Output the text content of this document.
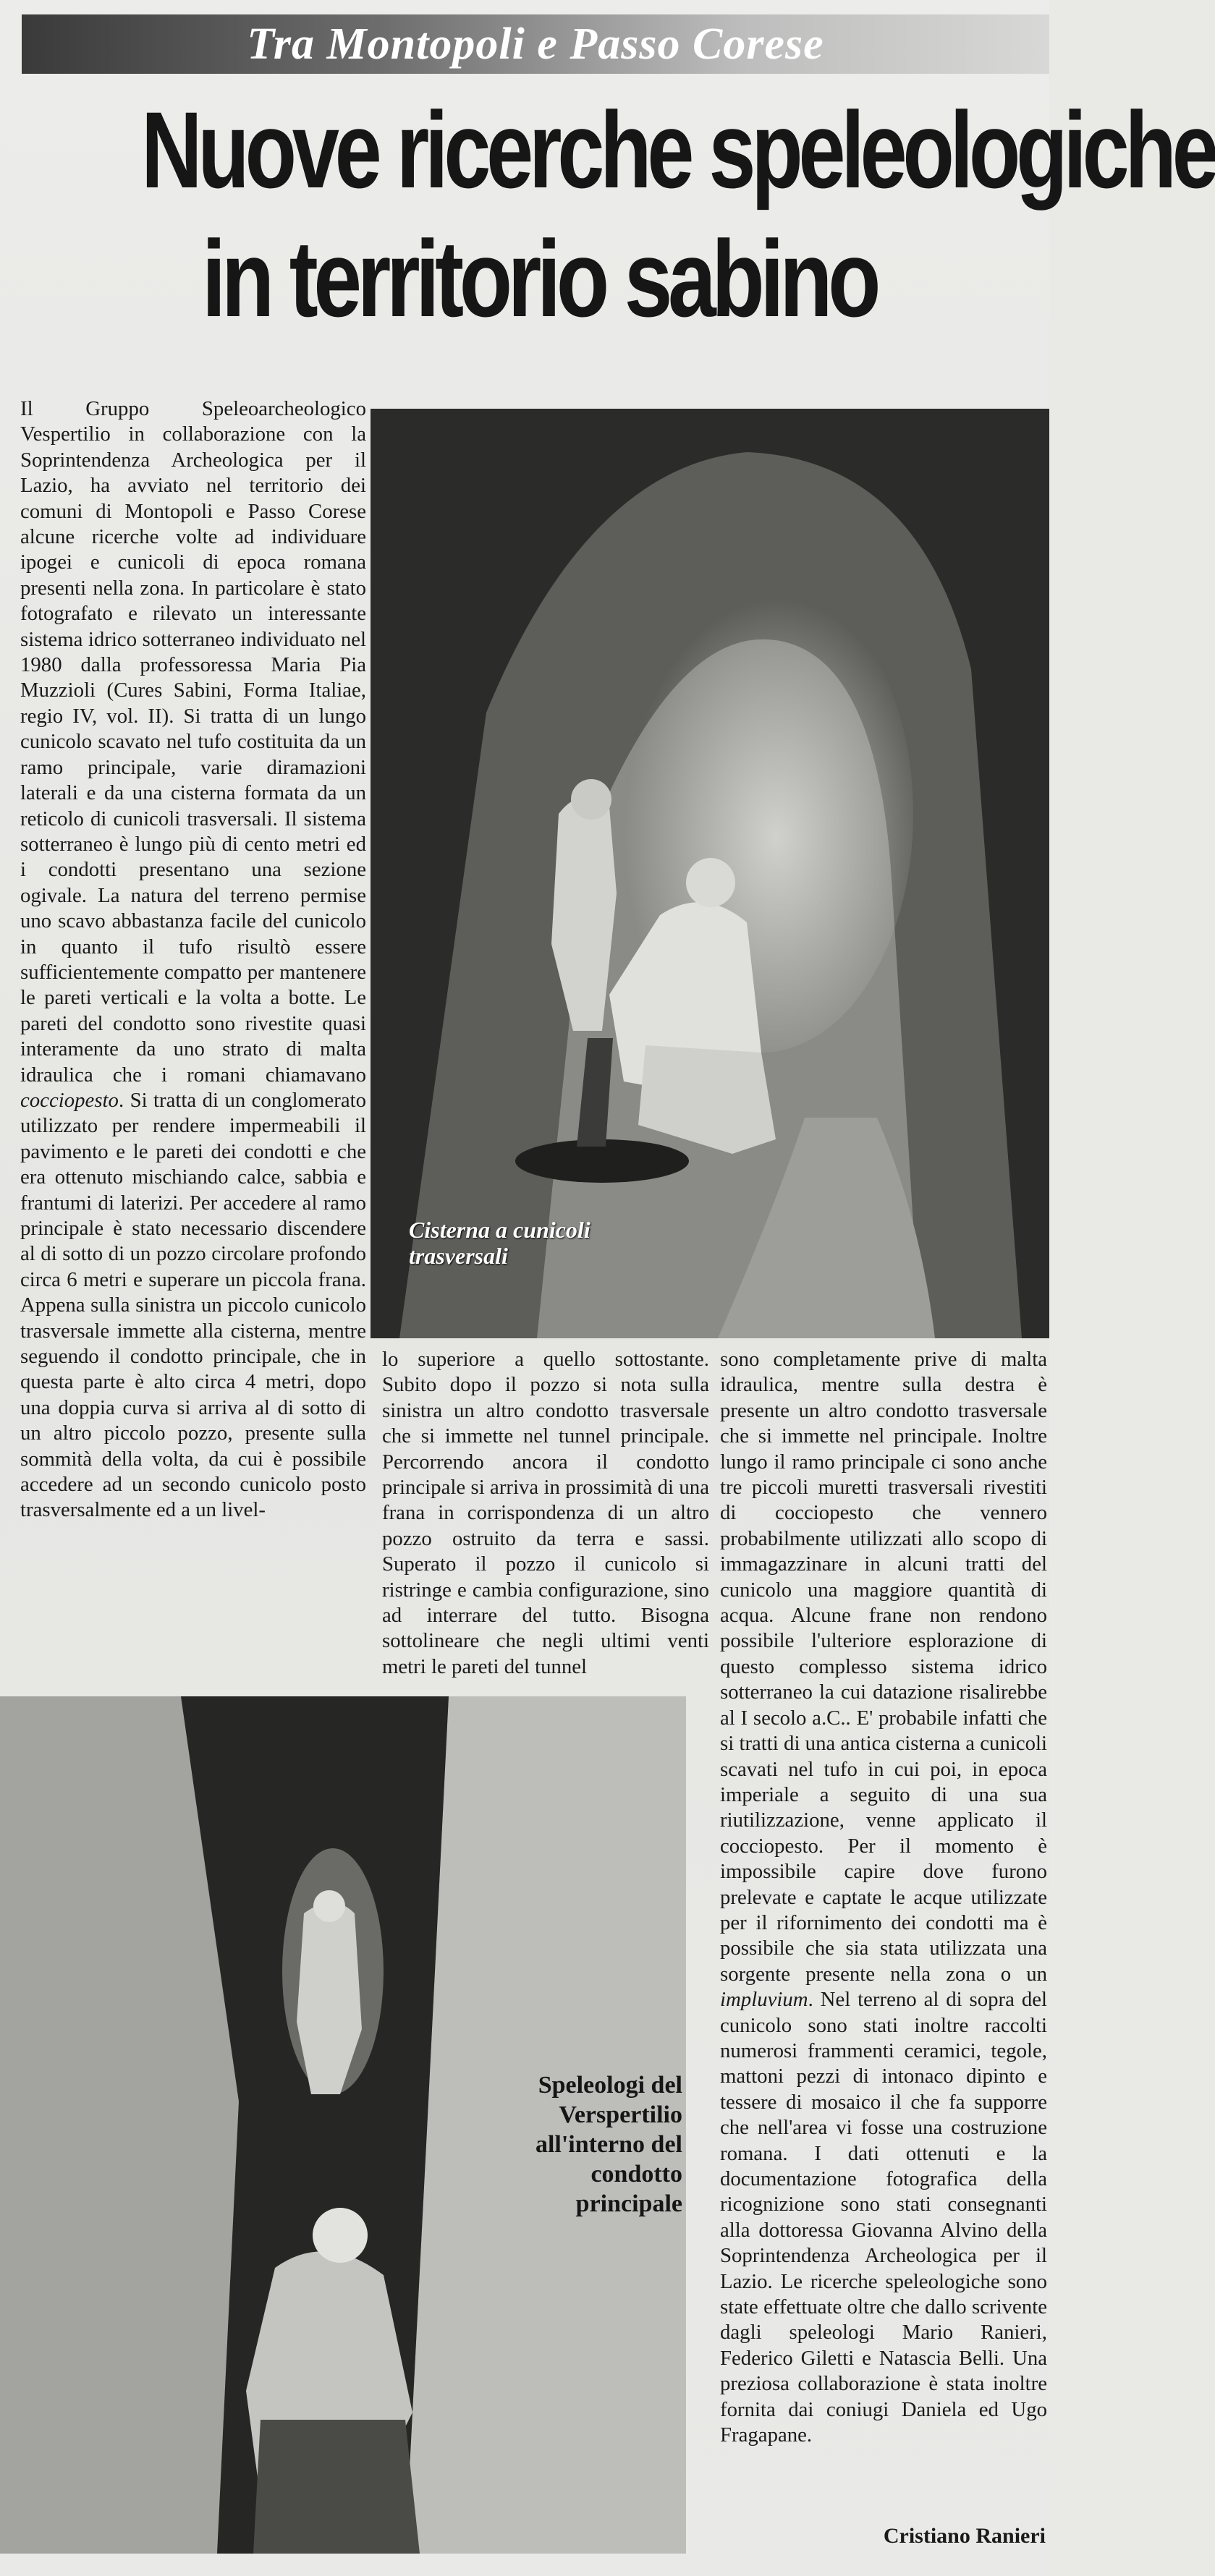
Tra Montopoli e Passo Corese
Nuove ricerche speleologiche
in territorio sabino

Il Gruppo Speleoarcheologico Vespertilio in collaborazione con la Soprintendenza Archeologica per il Lazio, ha avviato nel territorio dei comuni di Montopoli e Passo Corese alcune ricerche volte ad individuare ipogei e cunicoli di epoca romana presenti nella zona. In particolare è stato fotografato e rilevato un interessante sistema idrico sotterraneo individuato nel 1980 dalla professoressa Maria Pia Muzzioli (Cures Sabini, Forma Italiae, regio IV, vol. II). Si tratta di un lungo cunicolo scavato nel tufo costituita da un ramo principale, varie diramazioni laterali e da una cisterna formata da un reticolo di cunicoli trasversali. Il sistema sotterraneo è lungo più di cento metri ed i condotti presentano una sezione ogivale. La natura del terreno permise uno scavo abbastanza facile del cunicolo in quanto il tufo risultò essere sufficientemente compatto per mantenere le pareti verticali e la volta a botte. Le pareti del condotto sono rivestite quasi interamente da uno strato di malta idraulica che i romani chiamavano cocciopesto. Si tratta di un conglomerato utilizzato per rendere impermeabili il pavimento e le pareti dei condotti e che era ottenuto mischiando calce, sabbia e frantumi di laterizi. Per accedere al ramo principale è stato necessario discendere al di sotto di un pozzo circolare profondo circa 6 metri e superare un piccola frana. Appena sulla sinistra un piccolo cunicolo trasversale immette alla cisterna, mentre seguendo il condotto principale, che in questa parte è alto circa 4 metri, dopo una doppia curva si arriva al di sotto di un altro piccolo pozzo, presente sulla sommità della volta, da cui è possibile accedere ad un secondo cunicolo posto trasversalmente ed a un livel-

Cisterna a cunicoli trasversali

lo superiore a quello sottostante. Subito dopo il pozzo si nota sulla sinistra un altro condotto trasversale che si immette nel tunnel principale. Percorrendo ancora il condotto principale si arriva in prossimità di una frana in corrispondenza di un altro pozzo ostruito da terra e sassi. Superato il pozzo il cunicolo si ristringe e cambia configurazione, sino ad interrare del tutto. Bisogna sottolineare che negli ultimi venti metri le pareti del tunnel

sono completamente prive di malta idraulica, mentre sulla destra è presente un altro condotto trasversale che si immette nel principale. Inoltre lungo il ramo principale ci sono anche tre piccoli muretti trasversali rivestiti di cocciopesto che vennero probabilmente utilizzati allo scopo di immagazzinare in alcuni tratti del cunicolo una maggiore quantità di acqua. Alcune frane non rendono possibile l'ulteriore esplorazione di questo complesso sistema idrico sotterraneo la cui datazione risalirebbe al I secolo a.C.. E' probabile infatti che si tratti di una antica cisterna a cunicoli scavati nel tufo in cui poi, in epoca imperiale a seguito di una sua riutilizzazione, venne applicato il cocciopesto. Per il momento è impossibile capire dove furono prelevate e captate le acque utilizzate per il rifornimento dei condotti ma è possibile che sia stata utilizzata una sorgente presente nella zona o un impluvium. Nel terreno al di sopra del cunicolo sono stati inoltre raccolti numerosi frammenti ceramici, tegole, mattoni pezzi di intonaco dipinto e tessere di mosaico il che fa supporre che nell'area vi fosse una costruzione romana. I dati ottenuti e la documentazione fotografica della ricognizione sono stati consegnanti alla dottoressa Giovanna Alvino della Soprintendenza Archeologica per il Lazio. Le ricerche speleologiche sono state effettuate oltre che dallo scrivente dagli speleologi Mario Ranieri, Federico Giletti e Natascia Belli. Una preziosa collaborazione è stata inoltre fornita dai coniugi Daniela ed Ugo Fragapane.

Speleologi del Verspertilio all'interno del condotto principale

Cristiano Ranieri
